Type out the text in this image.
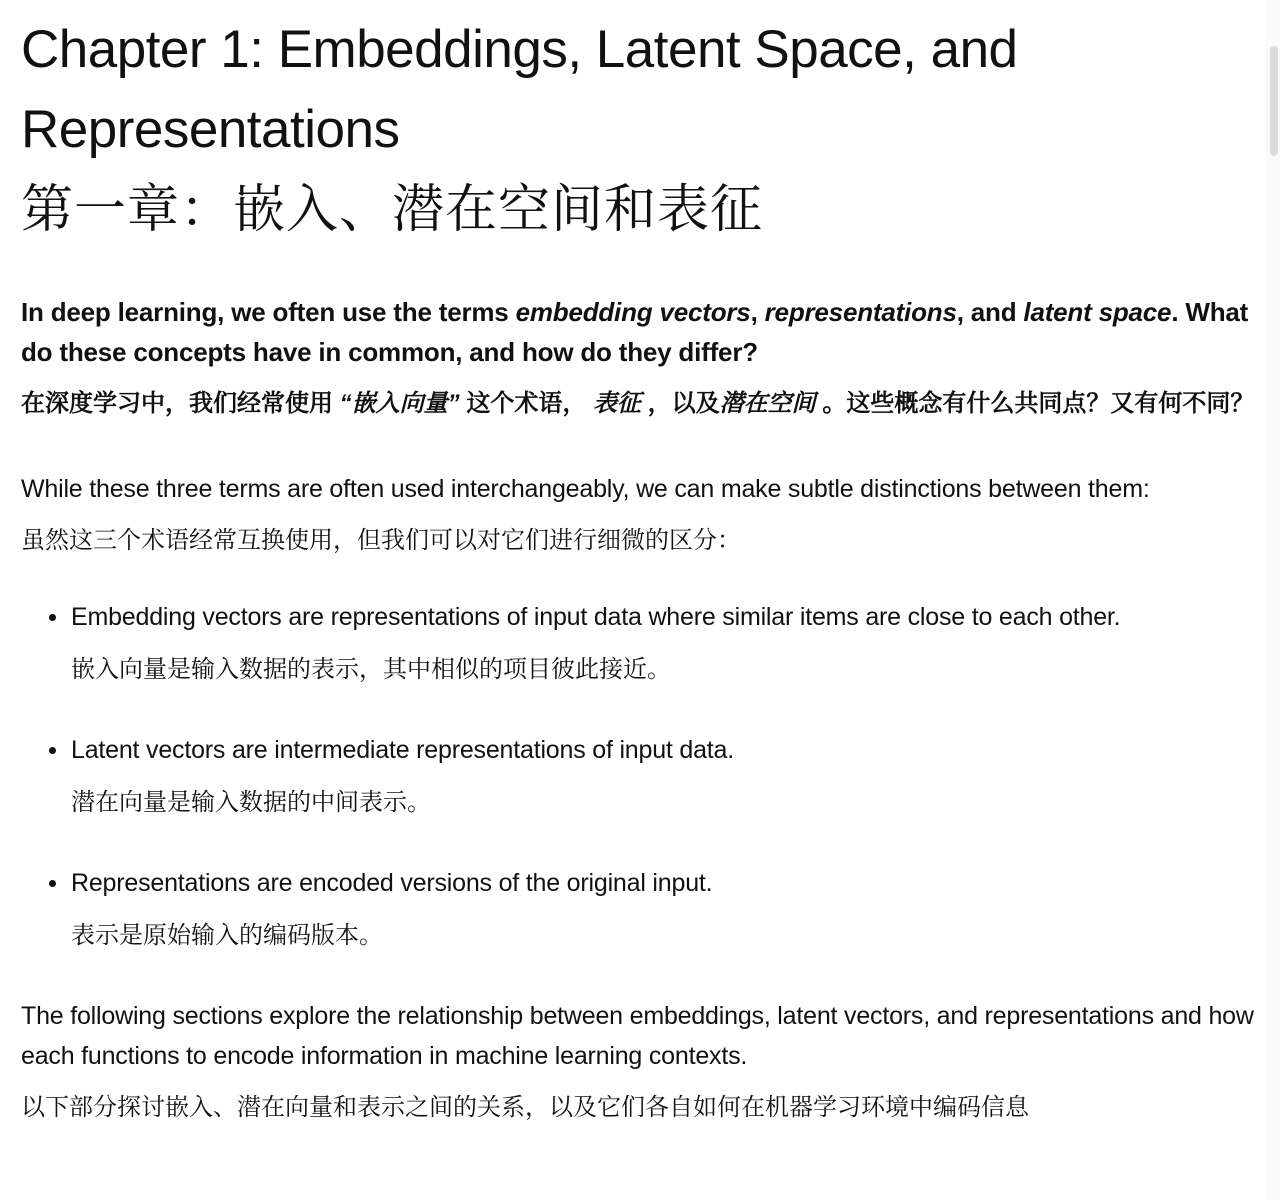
Chapter 1: Embeddings, Latent Space, and Representations
第一章：嵌入、潜在空间和表征

In deep learning, we often use the terms embedding vectors, representations, and latent space. What do these concepts have in common, and how do they differ?

在深度学习中，我们经常使用 “嵌入向量” 这个术语， 表征 ，以及潜在空间 。这些概念有什么共同点？又有何不同？

While these three terms are often used interchangeably, we can make subtle distinctions between them:

虽然这三个术语经常互换使用，但我们可以对它们进行细微的区分：

Embedding vectors are representations of input data where similar items are close to each other.

嵌入向量是输入数据的表示，其中相似的项目彼此接近。

Latent vectors are intermediate representations of input data.

潜在向量是输入数据的中间表示。

Representations are encoded versions of the original input.

表示是原始输入的编码版本。

The following sections explore the relationship between embeddings, latent vectors, and representations and how each functions to encode information in machine learning contexts.

以下部分探讨嵌入、潜在向量和表示之间的关系，以及它们各自如何在机器学习环境中编码信息
